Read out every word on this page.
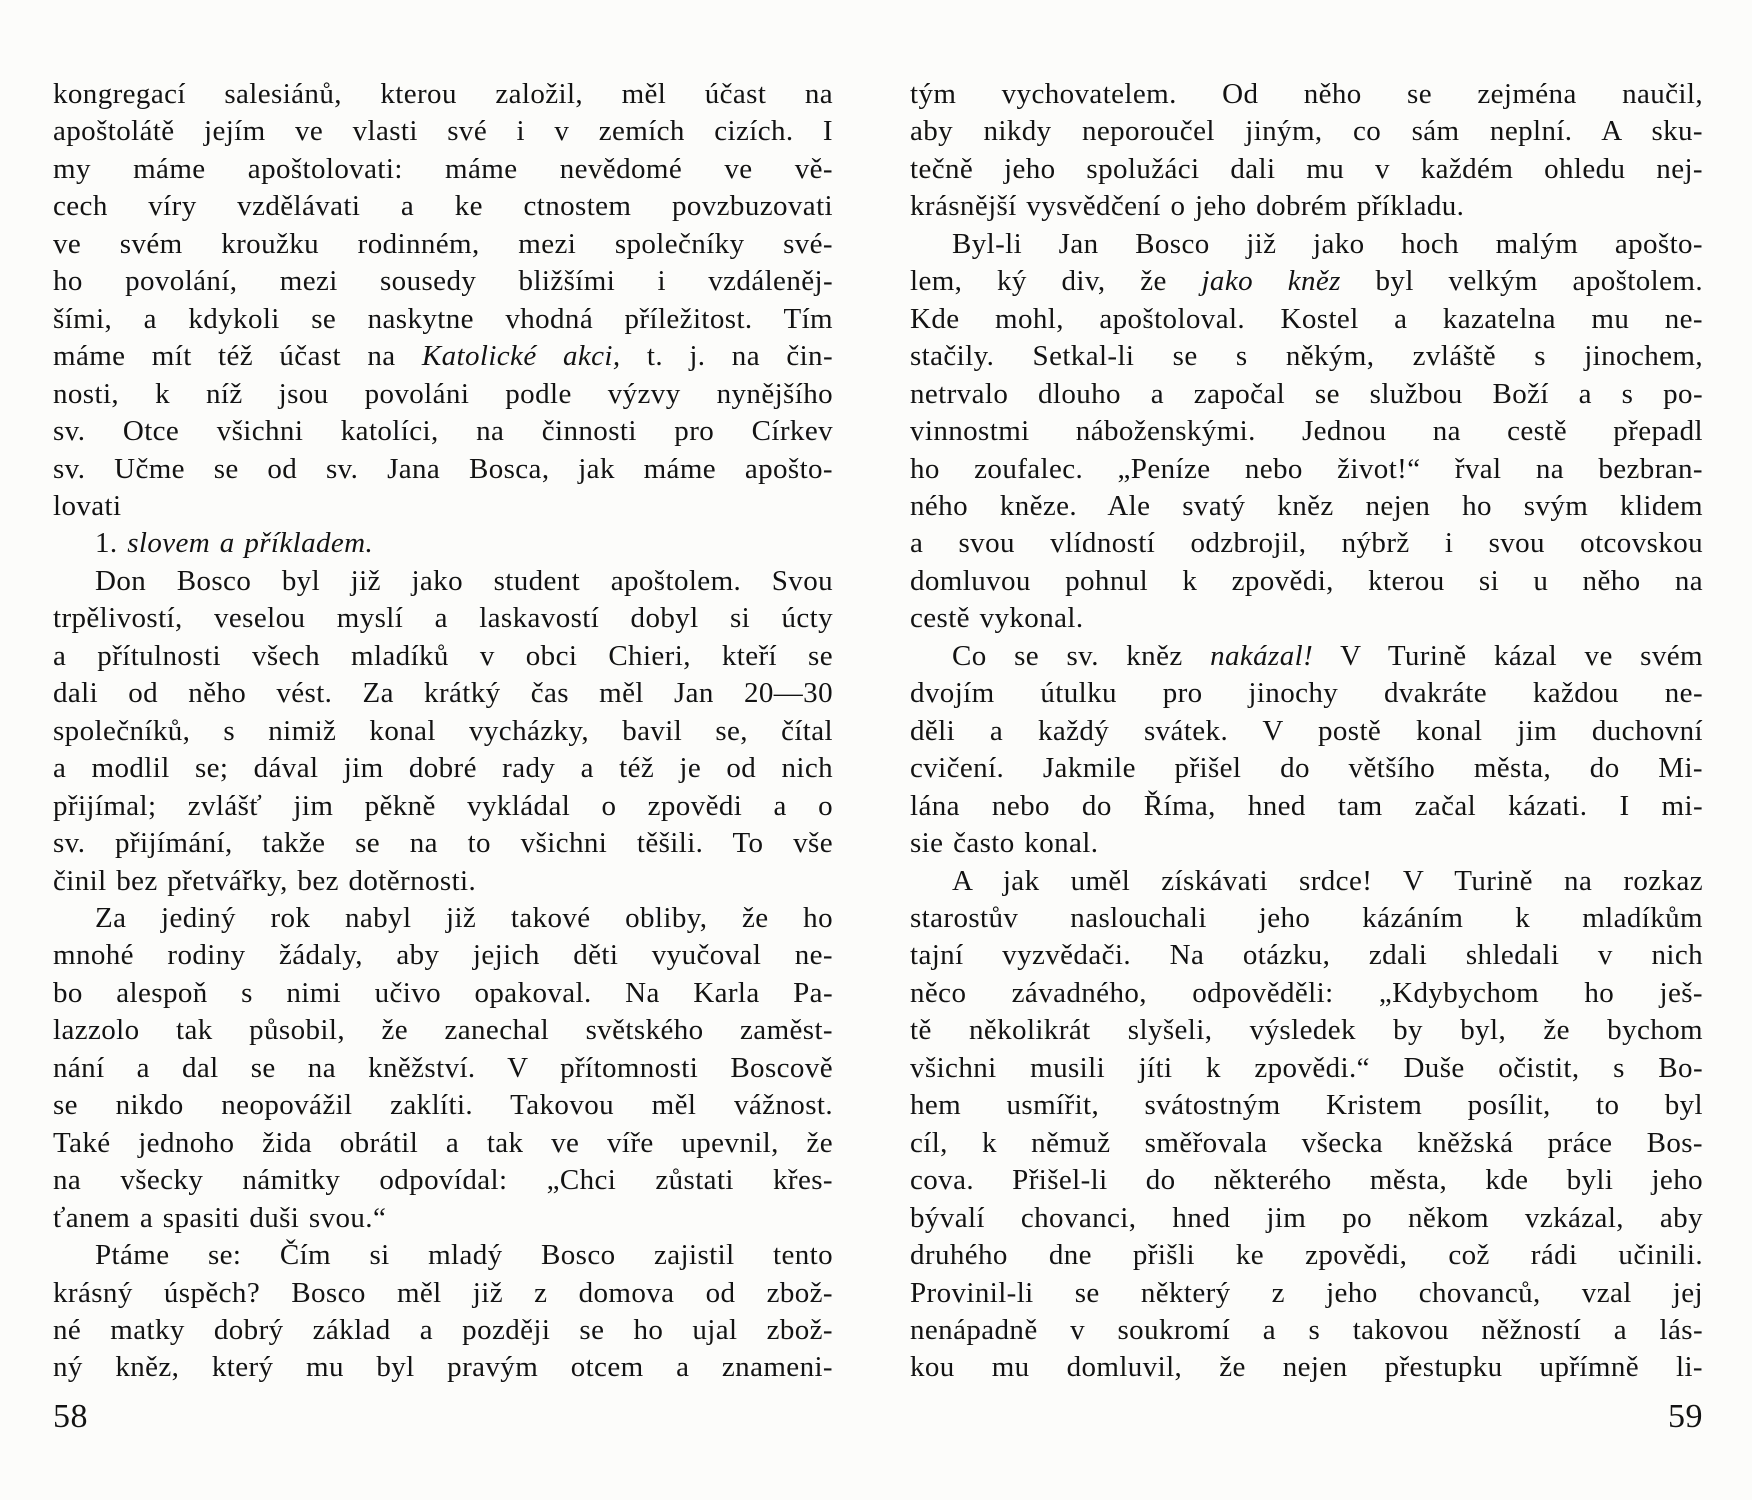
kongregací salesiánů, kterou založil, měl účast na
apoštolátě jejím ve vlasti své i v zemích cizích. I
my máme apoštolovati: máme nevědomé ve vě-
cech víry vzdělávati a ke ctnostem povzbuzovati
ve svém kroužku rodinném, mezi společníky své-
ho povolání, mezi sousedy bližšími i vzdáleněj-
šími, a kdykoli se naskytne vhodná příležitost. Tím
máme mít též účast na Katolické akci, t. j. na čin-
nosti, k níž jsou povoláni podle výzvy nynějšího
sv. Otce všichni katolíci, na činnosti pro Církev
sv. Učme se od sv. Jana Bosca, jak máme apošto-
lovati
1. slovem a příkladem.
Don Bosco byl již jako student apoštolem. Svou
trpělivostí, veselou myslí a laskavostí dobyl si úcty
a přítulnosti všech mladíků v obci Chieri, kteří se
dali od něho vést. Za krátký čas měl Jan 20—30
společníků, s nimiž konal vycházky, bavil se, čítal
a modlil se; dával jim dobré rady a též je od nich
přijímal; zvlášť jim pěkně vykládal o zpovědi a o
sv. přijímání, takže se na to všichni těšili. To vše
činil bez přetvářky, bez dotěrnosti.
Za jediný rok nabyl již takové obliby, že ho
mnohé rodiny žádaly, aby jejich děti vyučoval ne-
bo alespoň s nimi učivo opakoval. Na Karla Pa-
lazzolo tak působil, že zanechal světského zaměst-
nání a dal se na kněžství. V přítomnosti Boscově
se nikdo neopovážil zaklíti. Takovou měl vážnost.
Také jednoho žida obrátil a tak ve víře upevnil, že
na všecky námitky odpovídal: „Chci zůstati křes-
ťanem a spasiti duši svou.“
Ptáme se: Čím si mladý Bosco zajistil tento
krásný úspěch? Bosco měl již z domova od zbož-
né matky dobrý základ a později se ho ujal zbož-
ný kněz, který mu byl pravým otcem a znameni-
tým vychovatelem. Od něho se zejména naučil,
aby nikdy neporoučel jiným, co sám neplní. A sku-
tečně jeho spolužáci dali mu v každém ohledu nej-
krásnější vysvědčení o jeho dobrém příkladu.
Byl-li Jan Bosco již jako hoch malým apošto-
lem, ký div, že jako kněz byl velkým apoštolem.
Kde mohl, apoštoloval. Kostel a kazatelna mu ne-
stačily. Setkal-li se s někým, zvláště s jinochem,
netrvalo dlouho a započal se službou Boží a s po-
vinnostmi náboženskými. Jednou na cestě přepadl
ho zoufalec. „Peníze nebo život!“ řval na bezbran-
ného kněze. Ale svatý kněz nejen ho svým klidem
a svou vlídností odzbrojil, nýbrž i svou otcovskou
domluvou pohnul k zpovědi, kterou si u něho na
cestě vykonal.
Co se sv. kněz nakázal! V Turině kázal ve svém
dvojím útulku pro jinochy dvakráte každou ne-
děli a každý svátek. V postě konal jim duchovní
cvičení. Jakmile přišel do většího města, do Mi-
lána nebo do Říma, hned tam začal kázati. I mi-
sie často konal.
A jak uměl získávati srdce! V Turině na rozkaz
starostův naslouchali jeho kázáním k mladíkům
tajní vyzvědači. Na otázku, zdali shledali v nich
něco závadného, odpověděli: „Kdybychom ho ješ-
tě několikrát slyšeli, výsledek by byl, že bychom
všichni musili jíti k zpovědi.“ Duše očistit, s Bo-
hem usmířit, svátostným Kristem posílit, to byl
cíl, k němuž směřovala všecka kněžská práce Bos-
cova. Přišel-li do některého města, kde byli jeho
bývalí chovanci, hned jim po někom vzkázal, aby
druhého dne přišli ke zpovědi, což rádi učinili.
Provinil-li se některý z jeho chovanců, vzal jej
nenápadně v soukromí a s takovou něžností a lás-
kou mu domluvil, že nejen přestupku upřímně li-
58	59
